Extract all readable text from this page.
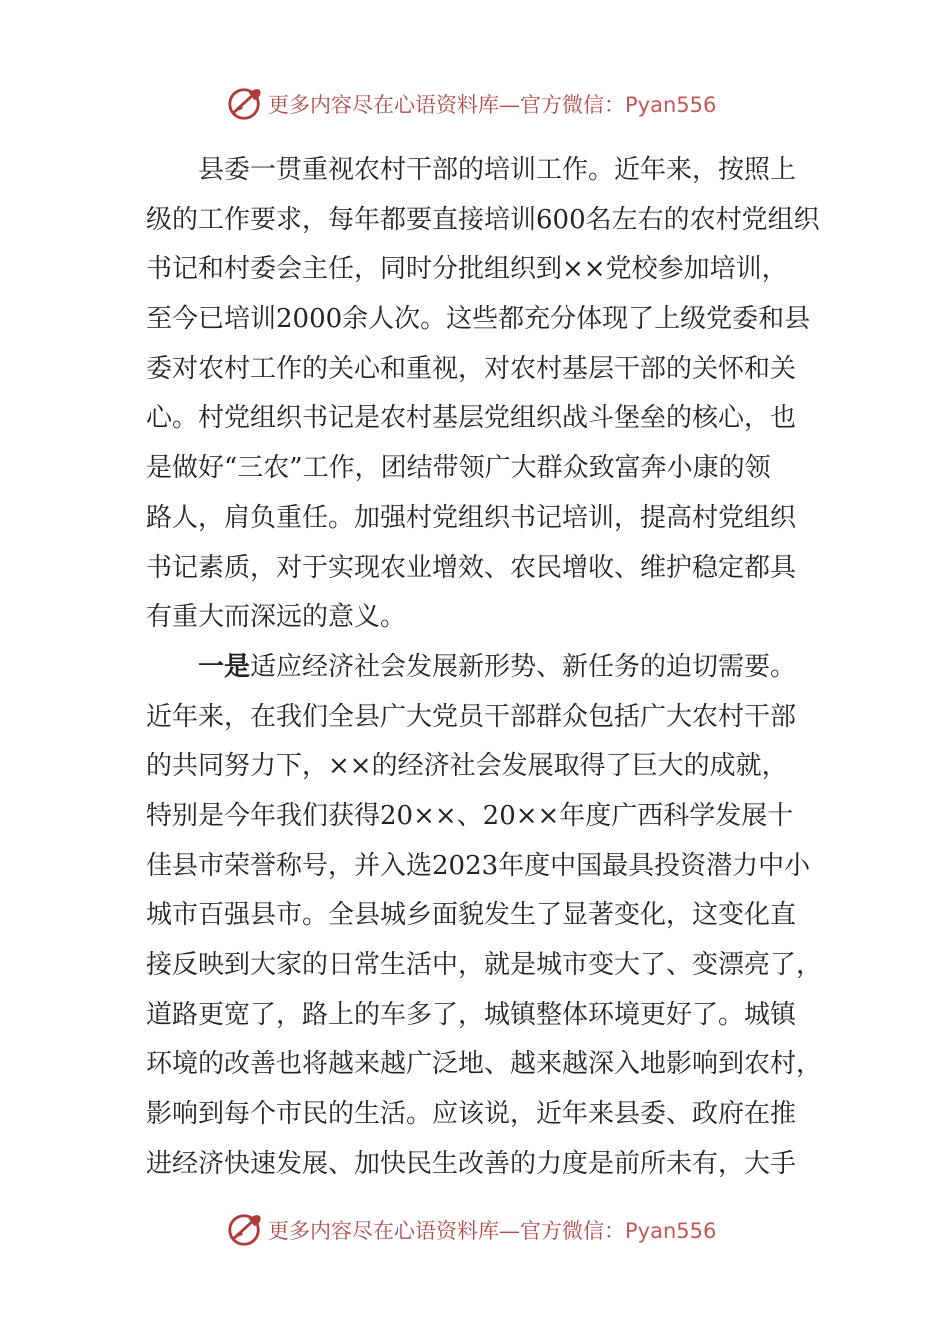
更多内容尽在心语资料库—官方微信：Pyan556
县委一贯重视农村干部的培训工作。近年来，按照上
级的工作要求，每年都要直接培训600名左右的农村党组织
书记和村委会主任，同时分批组织到××党校参加培训，
至今已培训2000余人次。这些都充分体现了上级党委和县
委对农村工作的关心和重视，对农村基层干部的关怀和关
心。村党组织书记是农村基层党组织战斗堡垒的核心，也
是做好“三农”工作，团结带领广大群众致富奔小康的领
路人，肩负重任。加强村党组织书记培训，提高村党组织
书记素质，对于实现农业增效、农民增收、维护稳定都具
有重大而深远的意义。
一是适应经济社会发展新形势、新任务的迫切需要。
近年来，在我们全县广大党员干部群众包括广大农村干部
的共同努力下，××的经济社会发展取得了巨大的成就，
特别是今年我们获得20××、20××年度广西科学发展十
佳县市荣誉称号，并入选2023年度中国最具投资潜力中小
城市百强县市。全县城乡面貌发生了显著变化，这变化直
接反映到大家的日常生活中，就是城市变大了、变漂亮了，
道路更宽了，路上的车多了，城镇整体环境更好了。城镇
环境的改善也将越来越广泛地、越来越深入地影响到农村，
影响到每个市民的生活。应该说，近年来县委、政府在推
进经济快速发展、加快民生改善的力度是前所未有，大手
更多内容尽在心语资料库—官方微信：Pyan556
